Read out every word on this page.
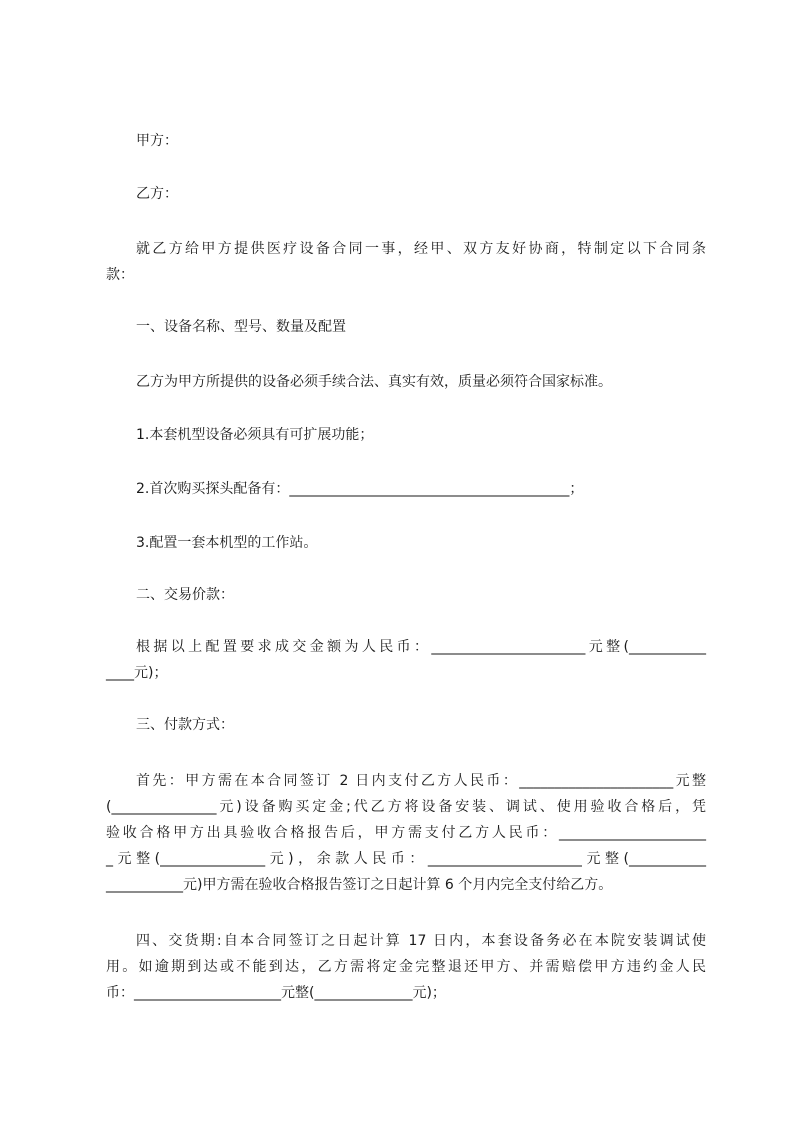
甲方：
乙方：
就乙方给甲方提供医疗设备合同一事，经甲、双方友好协商，特制定以下合同条
款：
一、设备名称、型号、数量及配置
乙方为甲方所提供的设备必须手续合法、真实有效，质量必须符合国家标准。
1.本套机型设备必须具有可扩展功能；
2.首次购买探头配备有：________________________________________；
3.配置一套本机型的工作站。
二、交易价款：
根据以上配置要求成交金额为人民币：______________________元整(___________
____元)；
三、付款方式：
首先：甲方需在本合同签订 2 日内支付乙方人民币：______________________元整
(_______________元)设备购买定金;代乙方将设备安装、调试、使用验收合格后，凭
验收合格甲方出具验收合格报告后，甲方需支付乙方人民币：_____________________
_元整(_______________元)，余款人民币：______________________元整(___________
___________元)甲方需在验收合格报告签订之日起计算 6 个月内完全支付给乙方。
四、交货期:自本合同签订之日起计算 17 日内，本套设备务必在本院安装调试使
用。如逾期到达或不能到达，乙方需将定金完整退还甲方、并需赔偿甲方违约金人民
币：_____________________元整(______________元)；
